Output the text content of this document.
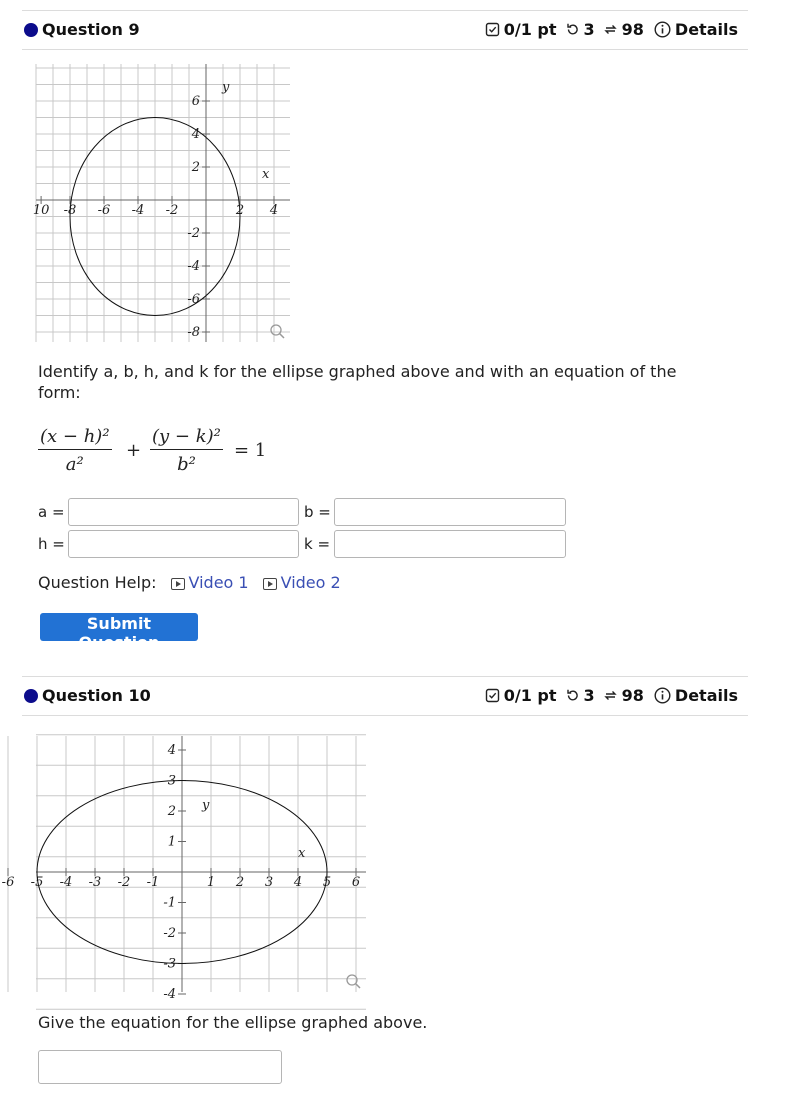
Question 9	0/1 pt 3 98 Details
10 -8 -6 -4 -2	2 4
6
4
2
-2
-4
-6
-8
x
y
Identify a, b, h, and k for the ellipse graphed above and with an equation of the form:
$\frac{\text{(x − h)²}}{\text{a²}} + \frac{\text{(y − k)²}}{\text{b²}} = 1$
a =	b =
h =	k =
Question Help: Video 1 Video 2
Submit Question
Question 10	0/1 pt 3 98 Details
-6 -5 -4 -3 -2 -1	1 2 3 4 5 6
4
3
2
1
-1
-2
-3
-4
x
y
Give the equation for the ellipse graphed above.
